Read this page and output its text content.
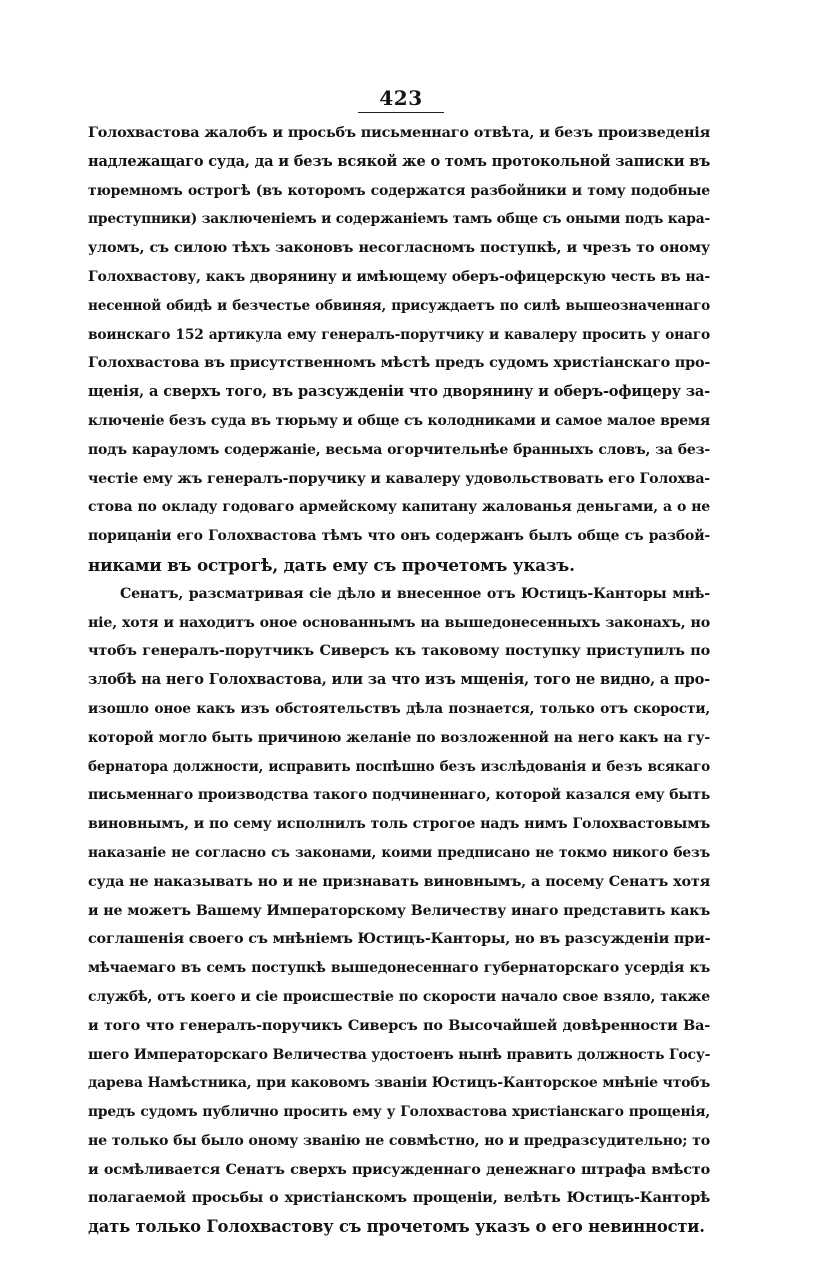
423
Голохвастова жалобъ и просьбъ письменнаго отвѣта, и безъ произведенія
надлежащаго суда, да и безъ всякой же о томъ протокольной записки въ
тюремномъ острогѣ (въ которомъ содержатся разбойники и тому подобные
преступники) заключеніемъ и содержаніемъ тамъ обще съ оными подъ кара-
уломъ, съ силою тѣхъ законовъ несогласномъ поступкѣ, и чрезъ то оному
Голохвастову, какъ дворянину и имѣющему оберъ-офицерскую честь въ на-
несенной обидѣ и безчестье обвиняя, присуждаетъ по силѣ вышеозначеннаго
воинскаго 152 артикула ему генералъ-порутчику и кавалеру просить у онаго
Голохвастова въ присутственномъ мѣстѣ предъ судомъ христіанскаго про-
щенія, а сверхъ того, въ разсужденіи что дворянину и оберъ-офицеру за-
ключеніе безъ суда въ тюрьму и обще съ колодниками и самое малое время
подъ карауломъ содержаніе, весьма огорчительнѣе бранныхъ словъ, за без-
честіе ему жъ генералъ-поручику и кавалеру удовольствовать его Голохва-
стова по окладу годоваго армейскому капитану жалованья деньгами, а о не
порицаніи его Голохвастова тѣмъ что онъ содержанъ былъ обще съ разбой-
никами въ острогѣ, дать ему съ прочетомъ указъ.
Сенатъ, разсматривая сіе дѣло и внесенное отъ Юстицъ-Канторы мнѣ-
ніе, хотя и находитъ оное основаннымъ на вышедонесенныхъ законахъ, но
чтобъ генералъ-порутчикъ Сиверсъ къ таковому поступку приступилъ по
злобѣ на него Голохвастова, или за что изъ мщенія, того не видно, а про-
изошло оное какъ изъ обстоятельствъ дѣла познается, только отъ скорости,
которой могло быть причиною желаніе по возложенной на него какъ на гу-
бернатора должности, исправить поспѣшно безъ изслѣдованія и безъ всякаго
письменнаго производства такого подчиненнаго, которой казался ему быть
виновнымъ, и по сему исполнилъ толь строгое надъ нимъ Голохвастовымъ
наказаніе не согласно съ законами, коими предписано не токмо никого безъ
суда не наказывать но и не признавать виновнымъ, а посему Сенатъ хотя
и не можетъ Вашему Императорскому Величеству инаго представить какъ
соглашенія своего съ мнѣніемъ Юстицъ-Канторы, но въ разсужденіи при-
мѣчаемаго въ семъ поступкѣ вышедонесеннаго губернаторскаго усердія къ
службѣ, отъ коего и сіе происшествіе по скорости начало свое взяло, также
и того что генералъ-поручикъ Сиверсъ по Высочайшей довѣренности Ва-
шего Императорскаго Величества удостоенъ нынѣ править должность Госу-
дарева Намѣстника, при каковомъ званіи Юстицъ-Канторское мнѣніе чтобъ
предъ судомъ публично просить ему у Голохвастова христіанскаго прощенія,
не только бы было оному званію не совмѣстно, но и предразсудительно; то
и осмѣливается Сенатъ сверхъ присужденнаго денежнаго штрафа вмѣсто
полагаемой просьбы о христіанскомъ прощеніи, велѣть Юстицъ-Канторѣ
дать только Голохвастову съ прочетомъ указъ о его невинности.
